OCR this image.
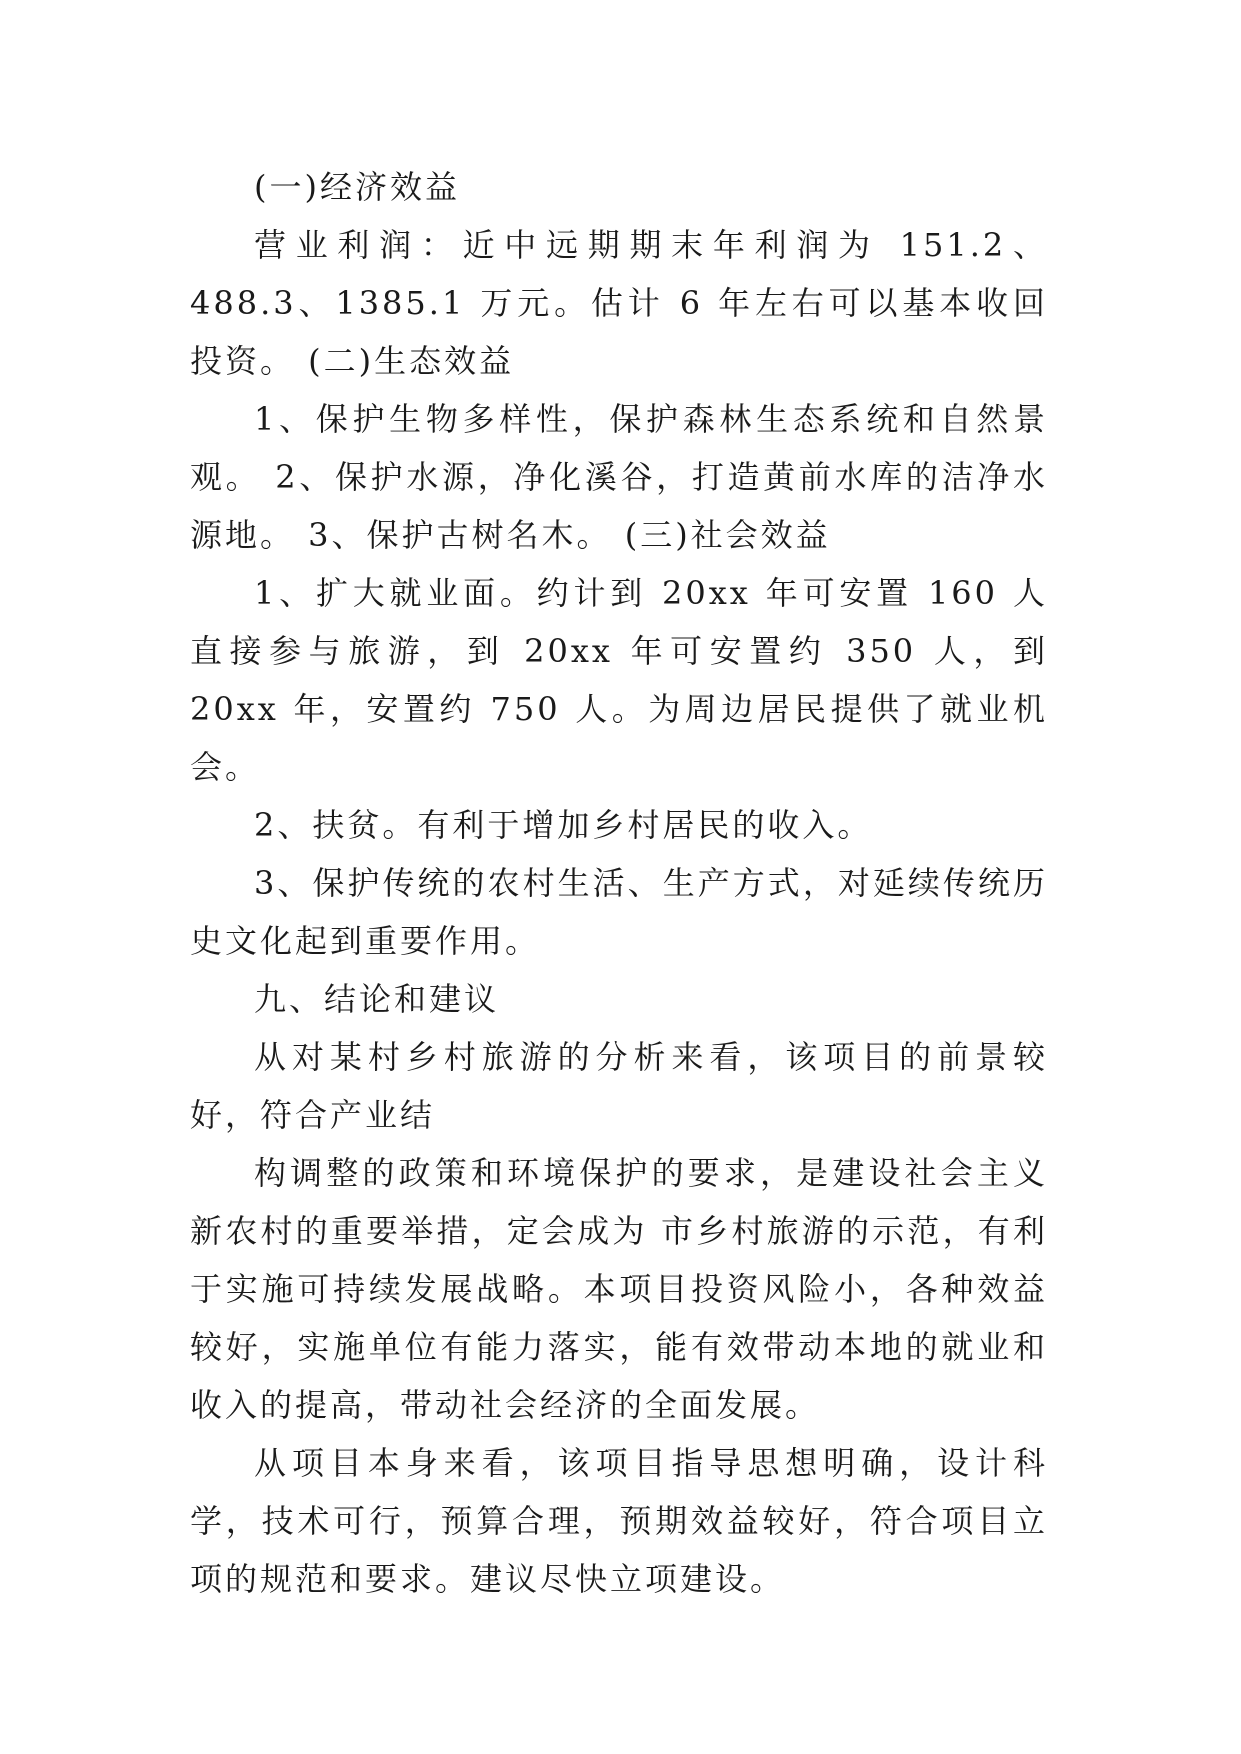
(一)经济效益

营业利润：近中远期期末年利润为 151.2、488.3、1385.1 万元。估计 6 年左右可以基本收回投资。 (二)生态效益

1、保护生物多样性，保护森林生态系统和自然景观。 2、保护水源，净化溪谷，打造黄前水库的洁净水源地。 3、保护古树名木。 (三)社会效益

1、扩大就业面。约计到 20xx 年可安置 160 人直接参与旅游，到 20xx 年可安置约 350 人，到 20xx 年，安置约 750 人。为周边居民提供了就业机会。

2、扶贫。有利于增加乡村居民的收入。

3、保护传统的农村生活、生产方式，对延续传统历史文化起到重要作用。

九、结论和建议

从对某村乡村旅游的分析来看，该项目的前景较好，符合产业结

构调整的政策和环境保护的要求，是建设社会主义新农村的重要举措，定会成为 市乡村旅游的示范，有利于实施可持续发展战略。本项目投资风险小，各种效益较好，实施单位有能力落实，能有效带动本地的就业和收入的提高，带动社会经济的全面发展。

从项目本身来看，该项目指导思想明确，设计科学，技术可行，预算合理，预期效益较好，符合项目立项的规范和要求。建议尽快立项建设。
